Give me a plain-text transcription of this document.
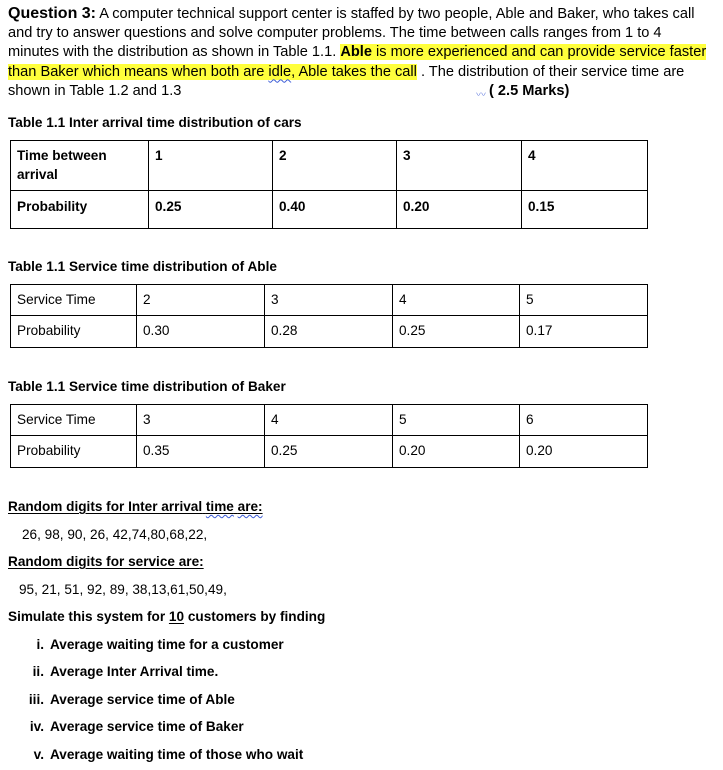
Question 3: A computer technical support center is staffed by two people, Able and Baker, who takes call
and try to answer questions and solve computer problems. The time between calls ranges from 1 to 4
minutes with the distribution as shown in Table 1.1. Able is more experienced and can provide service faster
than Baker which means when both are idle, Able takes the call . The distribution of their service time are
shown in Table 1.2 and 1.3	〰 ( 2.5 Marks)
Table 1.1 Inter arrival time distribution of cars
Time between arrival	1	2	3	4
Probability	0.25	0.40	0.20	0.15
Table 1.1 Service time distribution of Able
Service Time	2	3	4	5
Probability	0.30	0.28	0.25	0.17
Table 1.1 Service time distribution of Baker
Service Time	3	4	5	6
Probability	0.35	0.25	0.20	0.20
Random digits for Inter arrival time are:
26, 98, 90, 26, 42,74,80,68,22,
Random digits for service are:
95, 21, 51, 92, 89, 38,13,61,50,49,
Simulate this system for 10 customers by finding
i. Average waiting time for a customer
ii. Average Inter Arrival time.
iii. Average service time of Able
iv. Average service time of Baker
v. Average waiting time of those who wait
